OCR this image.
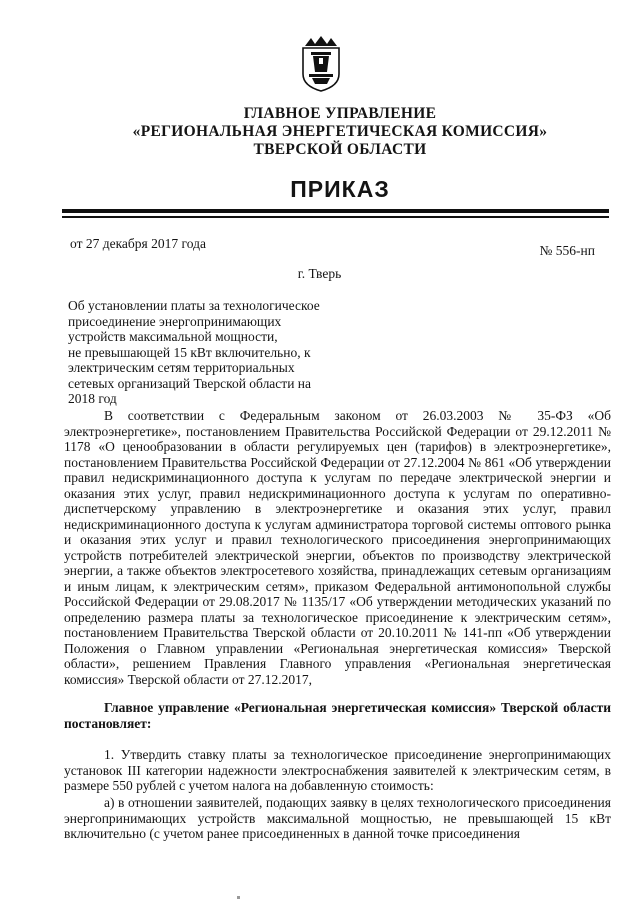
ГЛАВНОЕ УПРАВЛЕНИЕ
«РЕГИОНАЛЬНАЯ ЭНЕРГЕТИЧЕСКАЯ КОМИССИЯ»
ТВЕРСКОЙ ОБЛАСТИ
ПРИКАЗ
от 27 декабря 2017 года	№ 556-нп
г. Тверь
Об установлении платы за технологическое
присоединение энергопринимающих
устройств максимальной мощности,
не превышающей 15 кВт включительно, к
электрическим сетям территориальных
сетевых организаций Тверской области на
2018 год
В соответствии с Федеральным законом от 26.03.2003 № 35-ФЗ «Об электроэнергетике», постановлением Правительства Российской Федерации от 29.12.2011 № 1178 «О ценообразовании в области регулируемых цен (тарифов) в электроэнергетике», постановлением Правительства Российской Федерации от 27.12.2004 № 861 «Об утверждении правил недискриминационного доступа к услугам по передаче электрической энергии и оказания этих услуг, правил недискриминационного доступа к услугам по оперативно-диспетчерскому управлению в электроэнергетике и оказания этих услуг, правил недискриминационного доступа к услугам администратора торговой системы оптового рынка и оказания этих услуг и правил технологического присоединения энергопринимающих устройств потребителей электрической энергии, объектов по производству электрической энергии, а также объектов электросетевого хозяйства, принадлежащих сетевым организациям и иным лицам, к электрическим сетям», приказом Федеральной антимонопольной службы Российской Федерации от 29.08.2017 № 1135/17 «Об утверждении методических указаний по определению размера платы за технологическое присоединение к электрическим сетям», постановлением Правительства Тверской области от 20.10.2011 № 141-пп «Об утверждении Положения о Главном управлении «Региональная энергетическая комиссия» Тверской области», решением Правления Главного управления «Региональная энергетическая комиссия» Тверской области от 27.12.2017,
Главное управление «Региональная энергетическая комиссия» Тверской области постановляет:
1. Утвердить ставку платы за технологическое присоединение энергопринимающих установок III категории надежности электроснабжения заявителей к электрическим сетям, в размере 550 рублей с учетом налога на добавленную стоимость:
а) в отношении заявителей, подающих заявку в целях технологического присоединения энергопринимающих устройств максимальной мощностью, не превышающей 15 кВт включительно (с учетом ранее присоединенных в данной точке присоединения
